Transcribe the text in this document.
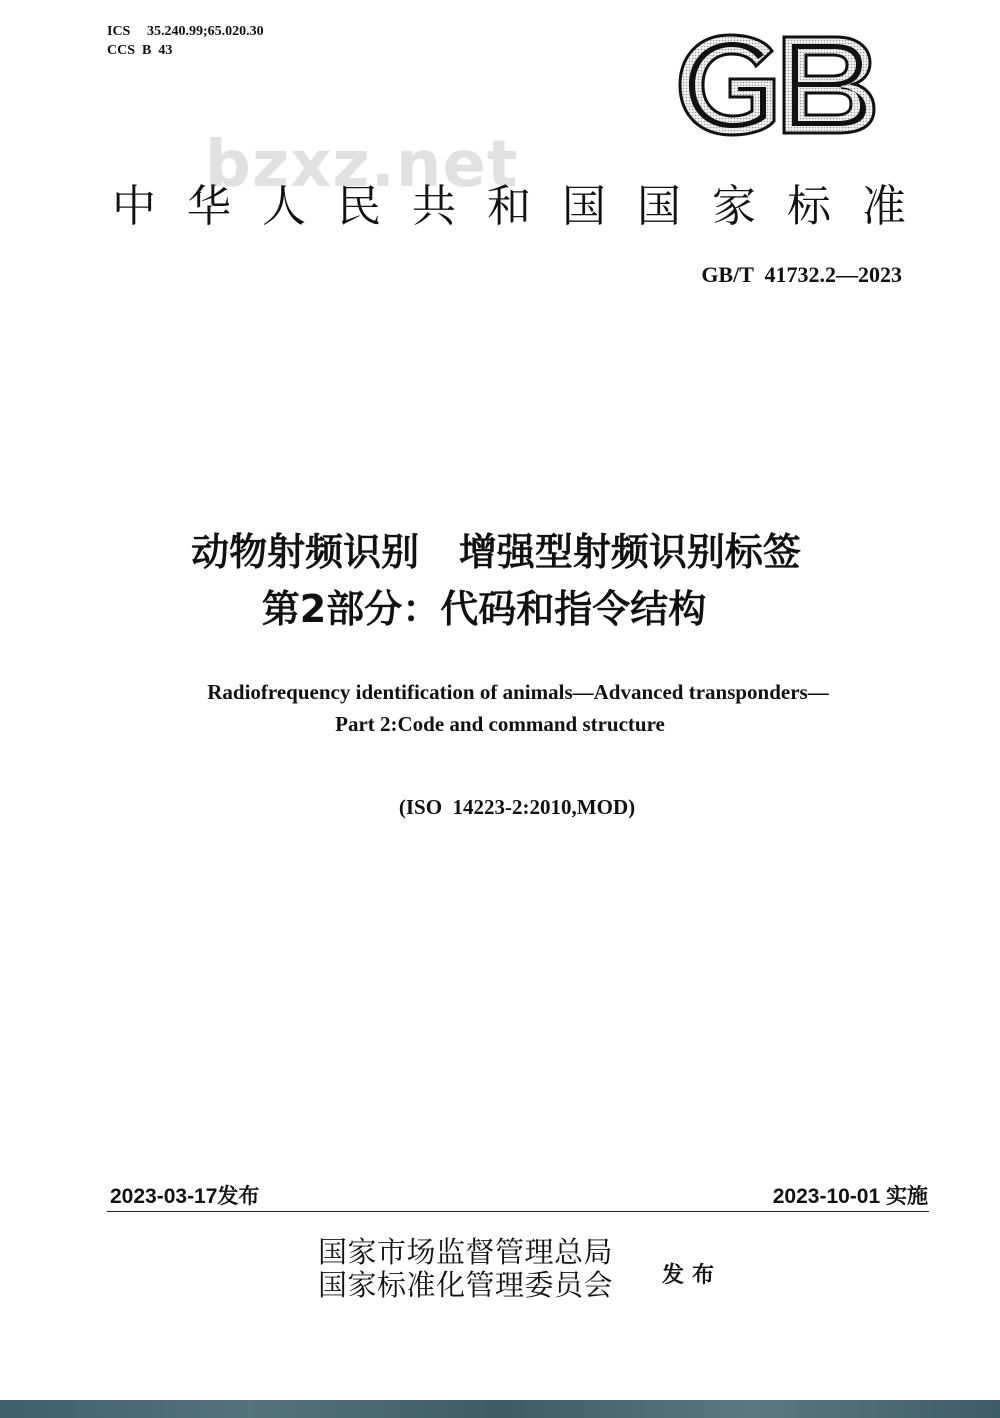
ICS 35.240.99;65.020.30
CCS B 43
bzxz.net
中华人民共和国国家标准
GB/T  41732.2—2023
动物射频识别   增强型射频识别标签
第2部分：代码和指令结构
Radiofrequency identification of animals—Advanced transponders—
Part 2:Code and command structure
(ISO  14223-2:2010,MOD)
2023-03-17发布	2023-10-01 实施
国家市场监督管理总局
国家标准化管理委员会 发布
